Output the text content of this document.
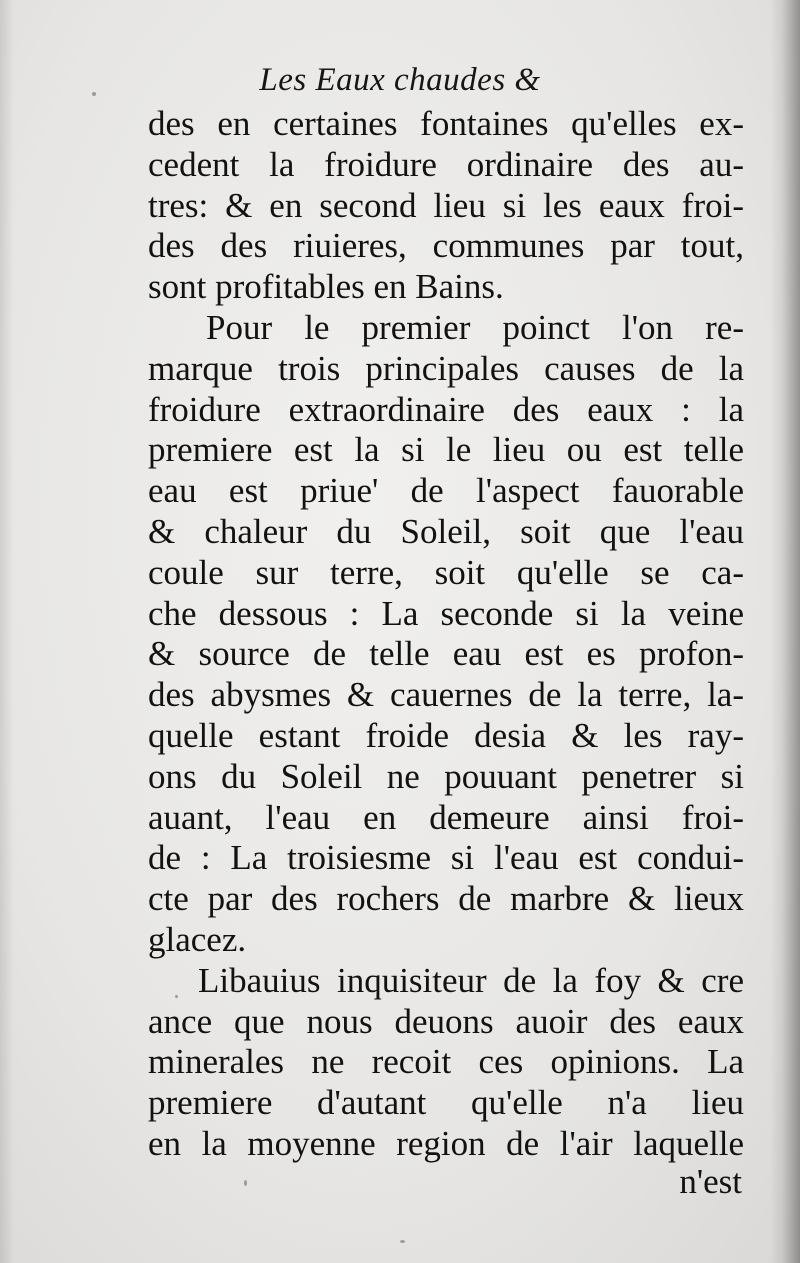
Les Eaux chaudes &
des en certaines fontaines qu'elles ex-
cedent la froidure ordinaire des au-
tres: & en second lieu si les eaux froi-
des des riuieres, communes par tout,
sont profitables en Bains.
Pour le premier poinct l'on re-
marque trois principales causes de la
froidure extraordinaire des eaux : la
premiere est la si le lieu ou est telle
eau est priue' de l'aspect fauorable
& chaleur du Soleil, soit que l'eau
coule sur terre, soit qu'elle se ca-
che dessous : La seconde si la veine
& source de telle eau est es profon-
des abysmes & cauernes de la terre, la-
quelle estant froide desia & les ray-
ons du Soleil ne pouuant penetrer si
auant, l'eau en demeure ainsi froi-
de : La troisiesme si l'eau est condui-
cte par des rochers de marbre & lieux
glacez.
Libauius inquisiteur de la foy & cre
ance que nous deuons auoir des eaux
minerales ne recoit ces opinions. La
premiere d'autant qu'elle n'a lieu
en la moyenne region de l'air laquelle
n'est
